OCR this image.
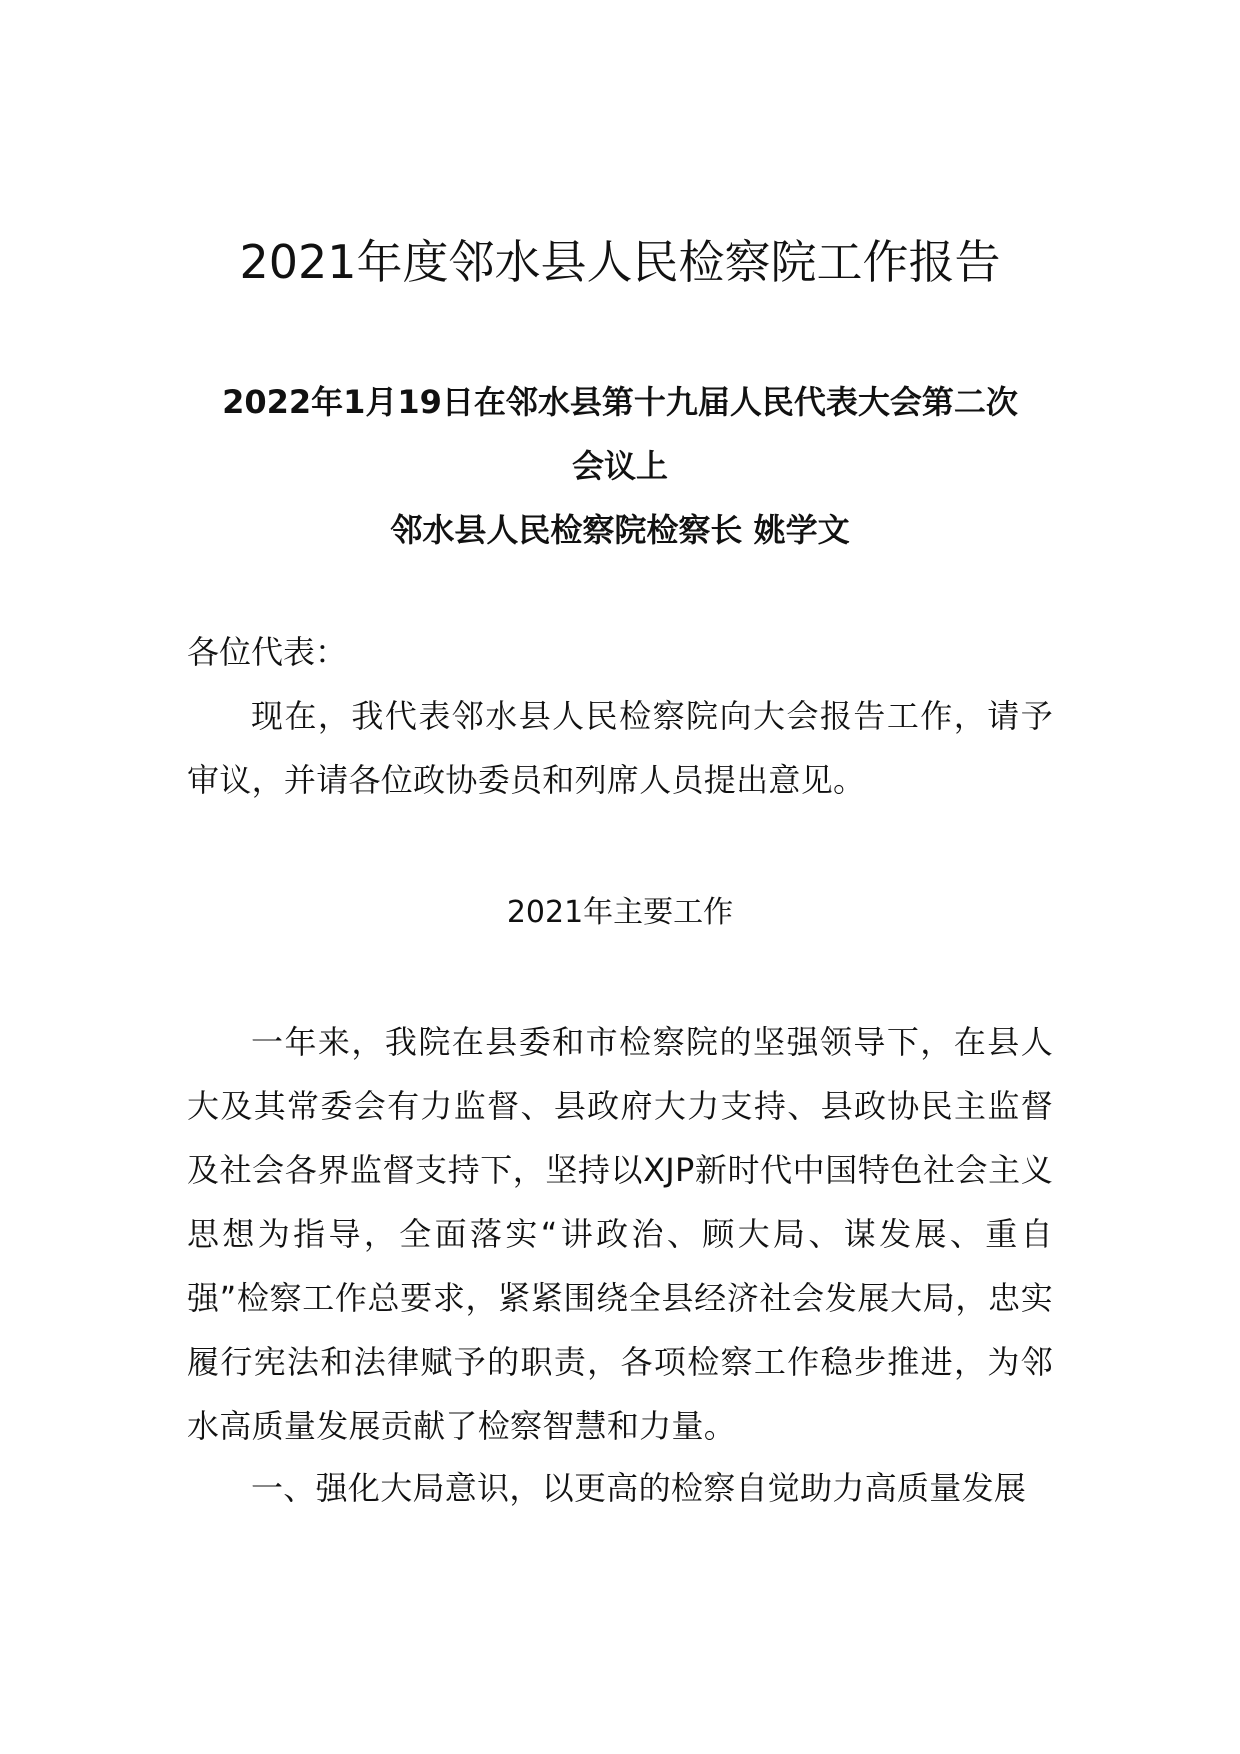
2021年度邻水县人民检察院工作报告
2022年1月19日在邻水县第十九届人民代表大会第二次
会议上
邻水县人民检察院检察长 姚学文

各位代表：

现在，我代表邻水县人民检察院向大会报告工作，请予审议，并请各位政协委员和列席人员提出意见。

2021年主要工作

一年来，我院在县委和市检察院的坚强领导下，在县人大及其常委会有力监督、县政府大力支持、县政协民主监督及社会各界监督支持下，坚持以XJP新时代中国特色社会主义思想为指导，全面落实“讲政治、顾大局、谋发展、重自强”检察工作总要求，紧紧围绕全县经济社会发展大局，忠实履行宪法和法律赋予的职责，各项检察工作稳步推进，为邻水高质量发展贡献了检察智慧和力量。

一、强化大局意识，以更高的检察自觉助力高质量发展
